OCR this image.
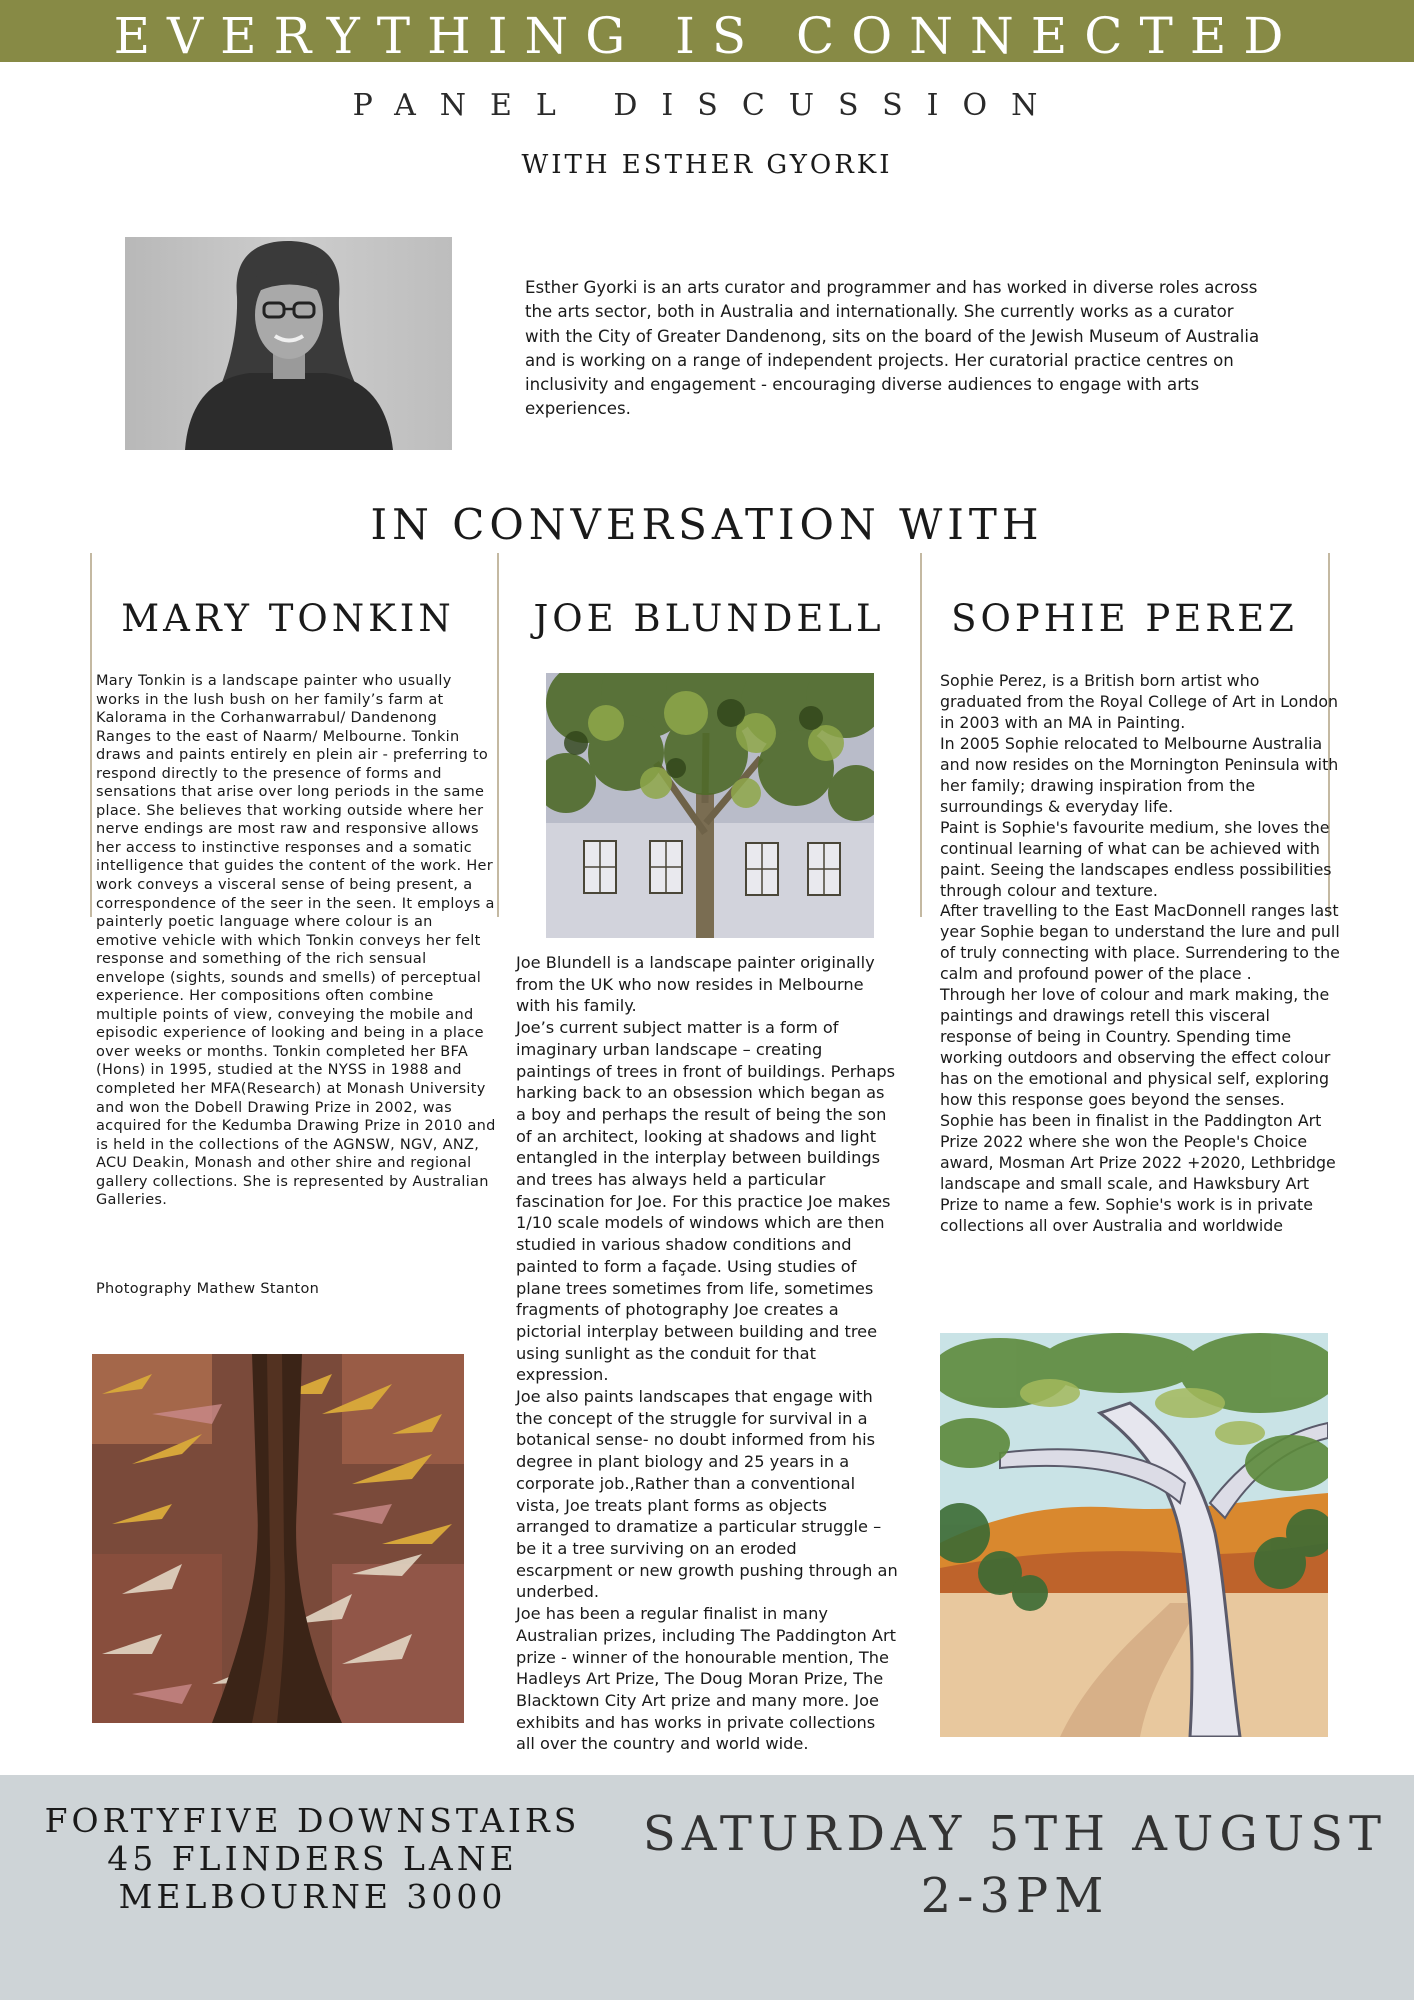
EVERYTHING IS CONNECTED
PANEL DISCUSSION
WITH ESTHER GYORKI
Esther Gyorki is an arts curator and programmer and has worked in diverse roles across the arts sector, both in Australia and internationally. She currently works as a curator with the City of Greater Dandenong, sits on the board of the Jewish Museum of Australia and is working on a range of independent projects. Her curatorial practice centres on inclusivity and engagement - encouraging diverse audiences to engage with arts experiences.
IN CONVERSATION WITH
MARY TONKIN	JOE BLUNDELL	SOPHIE PEREZ

Mary Tonkin is a landscape painter who usually works in the lush bush on her family’s farm at Kalorama in the Corhanwarrabul/ Dandenong Ranges to the east of Naarm/ Melbourne. Tonkin draws and paints entirely en plein air - preferring to respond directly to the presence of forms and sensations that arise over long periods in the same place. She believes that working outside where her nerve endings are most raw and responsive allows her access to instinctive responses and a somatic intelligence that guides the content of the work. Her work conveys a visceral sense of being present, a correspondence of the seer in the seen. It employs a painterly poetic language where colour is an emotive vehicle with which Tonkin conveys her felt response and something of the rich sensual envelope (sights, sounds and smells) of perceptual experience. Her compositions often combine multiple points of view, conveying the mobile and episodic experience of looking and being in a place over weeks or months. Tonkin completed her BFA (Hons) in 1995, studied at the NYSS in 1988 and completed her MFA(Research) at Monash University and won the Dobell Drawing Prize in 2002, was acquired for the Kedumba Drawing Prize in 2010 and is held in the collections of the AGNSW, NGV, ANZ, ACU Deakin, Monash and other shire and regional gallery collections. She is represented by Australian Galleries.

Photography Mathew Stanton

Joe Blundell is a landscape painter originally from the UK who now resides in Melbourne with his family.

Joe’s current subject matter is a form of imaginary urban landscape – creating paintings of trees in front of buildings. Perhaps harking back to an obsession which began as a boy and perhaps the result of being the son of an architect, looking at shadows and light entangled in the interplay between buildings and trees has always held a particular fascination for Joe. For this practice Joe makes 1/10 scale models of windows which are then studied in various shadow conditions and painted to form a façade. Using studies of plane trees sometimes from life, sometimes fragments of photography Joe creates a pictorial interplay between building and tree using sunlight as the conduit for that expression.

Joe also paints landscapes that engage with the concept of the struggle for survival in a botanical sense- no doubt informed from his degree in plant biology and 25 years in a corporate job.,Rather than a conventional vista, Joe treats plant forms as objects arranged to dramatize a particular struggle – be it a tree surviving on an eroded escarpment or new growth pushing through an underbed.

Joe has been a regular finalist in many Australian prizes, including The Paddington Art prize - winner of the honourable mention, The Hadleys Art Prize, The Doug Moran Prize, The Blacktown City Art prize and many more. Joe exhibits and has works in private collections all over the country and world wide.

Sophie Perez, is a British born artist who graduated from the Royal College of Art in London in 2003 with an MA in Painting.

In 2005 Sophie relocated to Melbourne Australia and now resides on the Mornington Peninsula with her family; drawing inspiration from the surroundings & everyday life.

Paint is Sophie's favourite medium, she loves the continual learning of what can be achieved with paint. Seeing the landscapes endless possibilities through colour and texture.

After travelling to the East MacDonnell ranges last year Sophie began to understand the lure and pull of truly connecting with place. Surrendering to the calm and profound power of the place .

Through her love of colour and mark making, the paintings and drawings retell this visceral response of being in Country. Spending time working outdoors and observing the effect colour has on the emotional and physical self, exploring how this response goes beyond the senses.

Sophie has been in finalist in the Paddington Art Prize 2022 where she won the People's Choice award, Mosman Art Prize 2022 +2020, Lethbridge landscape and small scale, and Hawksbury Art Prize to name a few. Sophie's work is in private collections all over Australia and worldwide

FORTYFIVE DOWNSTAIRS
45 FLINDERS LANE
MELBOURNE 3000
SATURDAY 5TH AUGUST
2-3PM
